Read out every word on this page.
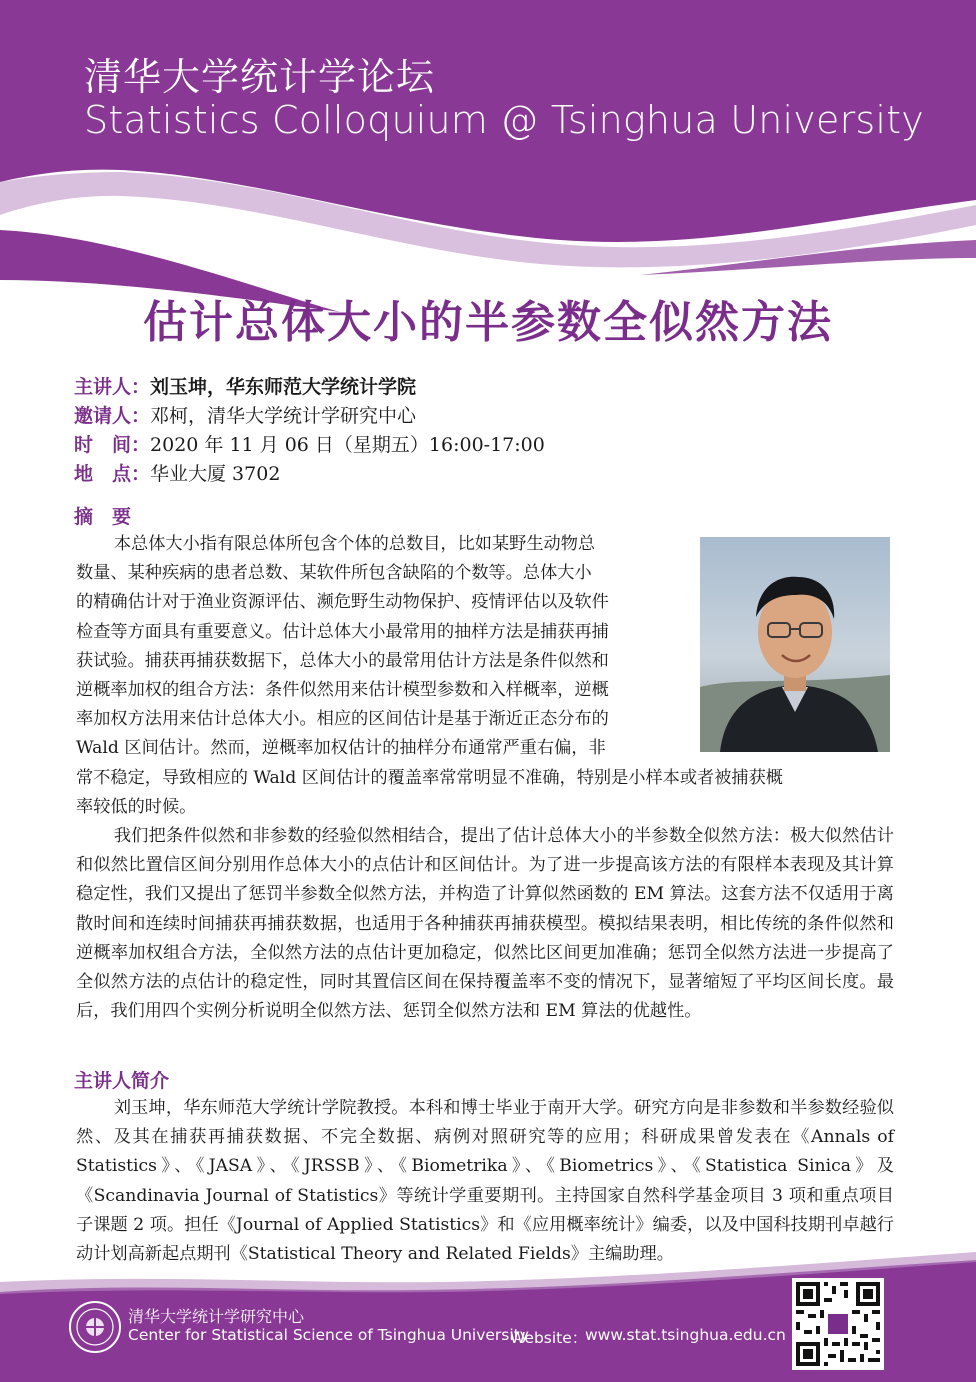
清华大学统计学论坛
Statistics Colloquium @ Tsinghua University
估计总体大小的半参数全似然方法
主讲人：刘玉坤，华东师范大学统计学院
邀请人：邓柯，清华大学统计学研究中心
时　间：2020 年 11 月 06 日（星期五）16:00-17:00
地　点：华业大厦 3702
摘　要
本总体大小指有限总体所包含个体的总数目，比如某野生动物总
数量、某种疾病的患者总数、某软件所包含缺陷的个数等。总体大小
的精确估计对于渔业资源评估、濒危野生动物保护、疫情评估以及软件
检查等方面具有重要意义。估计总体大小最常用的抽样方法是捕获再捕
获试验。捕获再捕获数据下，总体大小的最常用估计方法是条件似然和
逆概率加权的组合方法：条件似然用来估计模型参数和入样概率，逆概
率加权方法用来估计总体大小。相应的区间估计是基于渐近正态分布的
Wald 区间估计。然而，逆概率加权估计的抽样分布通常严重右偏，非
常不稳定，导致相应的 Wald 区间估计的覆盖率常常明显不准确，特别是小样本或者被捕获概
率较低的时候。
我们把条件似然和非参数的经验似然相结合，提出了估计总体大小的半参数全似然方法：极大似然估计和似然比置信区间分别用作总体大小的点估计和区间估计。为了进一步提高该方法的有限样本表现及其计算稳定性，我们又提出了惩罚半参数全似然方法，并构造了计算似然函数的 EM 算法。这套方法不仅适用于离散时间和连续时间捕获再捕获数据，也适用于各种捕获再捕获模型。模拟结果表明，相比传统的条件似然和逆概率加权组合方法，全似然方法的点估计更加稳定，似然比区间更加准确；惩罚全似然方法进一步提高了全似然方法的点估计的稳定性，同时其置信区间在保持覆盖率不变的情况下，显著缩短了平均区间长度。最后，我们用四个实例分析说明全似然方法、惩罚全似然方法和 EM 算法的优越性。
主讲人简介
刘玉坤，华东师范大学统计学院教授。本科和博士毕业于南开大学。研究方向是非参数和半参数经验似然、及其在捕获再捕获数据、不完全数据、病例对照研究等的应用；科研成果曾发表在《Annals of Statistics》、《JASA》、《JRSSB》、《Biometrika》、《Biometrics》、《Statistica Sinica》及《Scandinavia Journal of Statistics》等统计学重要期刊。主持国家自然科学基金项目 3 项和重点项目子课题 2 项。担任《Journal of Applied Statistics》和《应用概率统计》编委，以及中国科技期刊卓越行动计划高新起点期刊《Statistical Theory and Related Fields》主编助理。
清华大学统计学研究中心
Center for Statistical Science of Tsinghua University
Website：
www.stat.tsinghua.edu.cn
